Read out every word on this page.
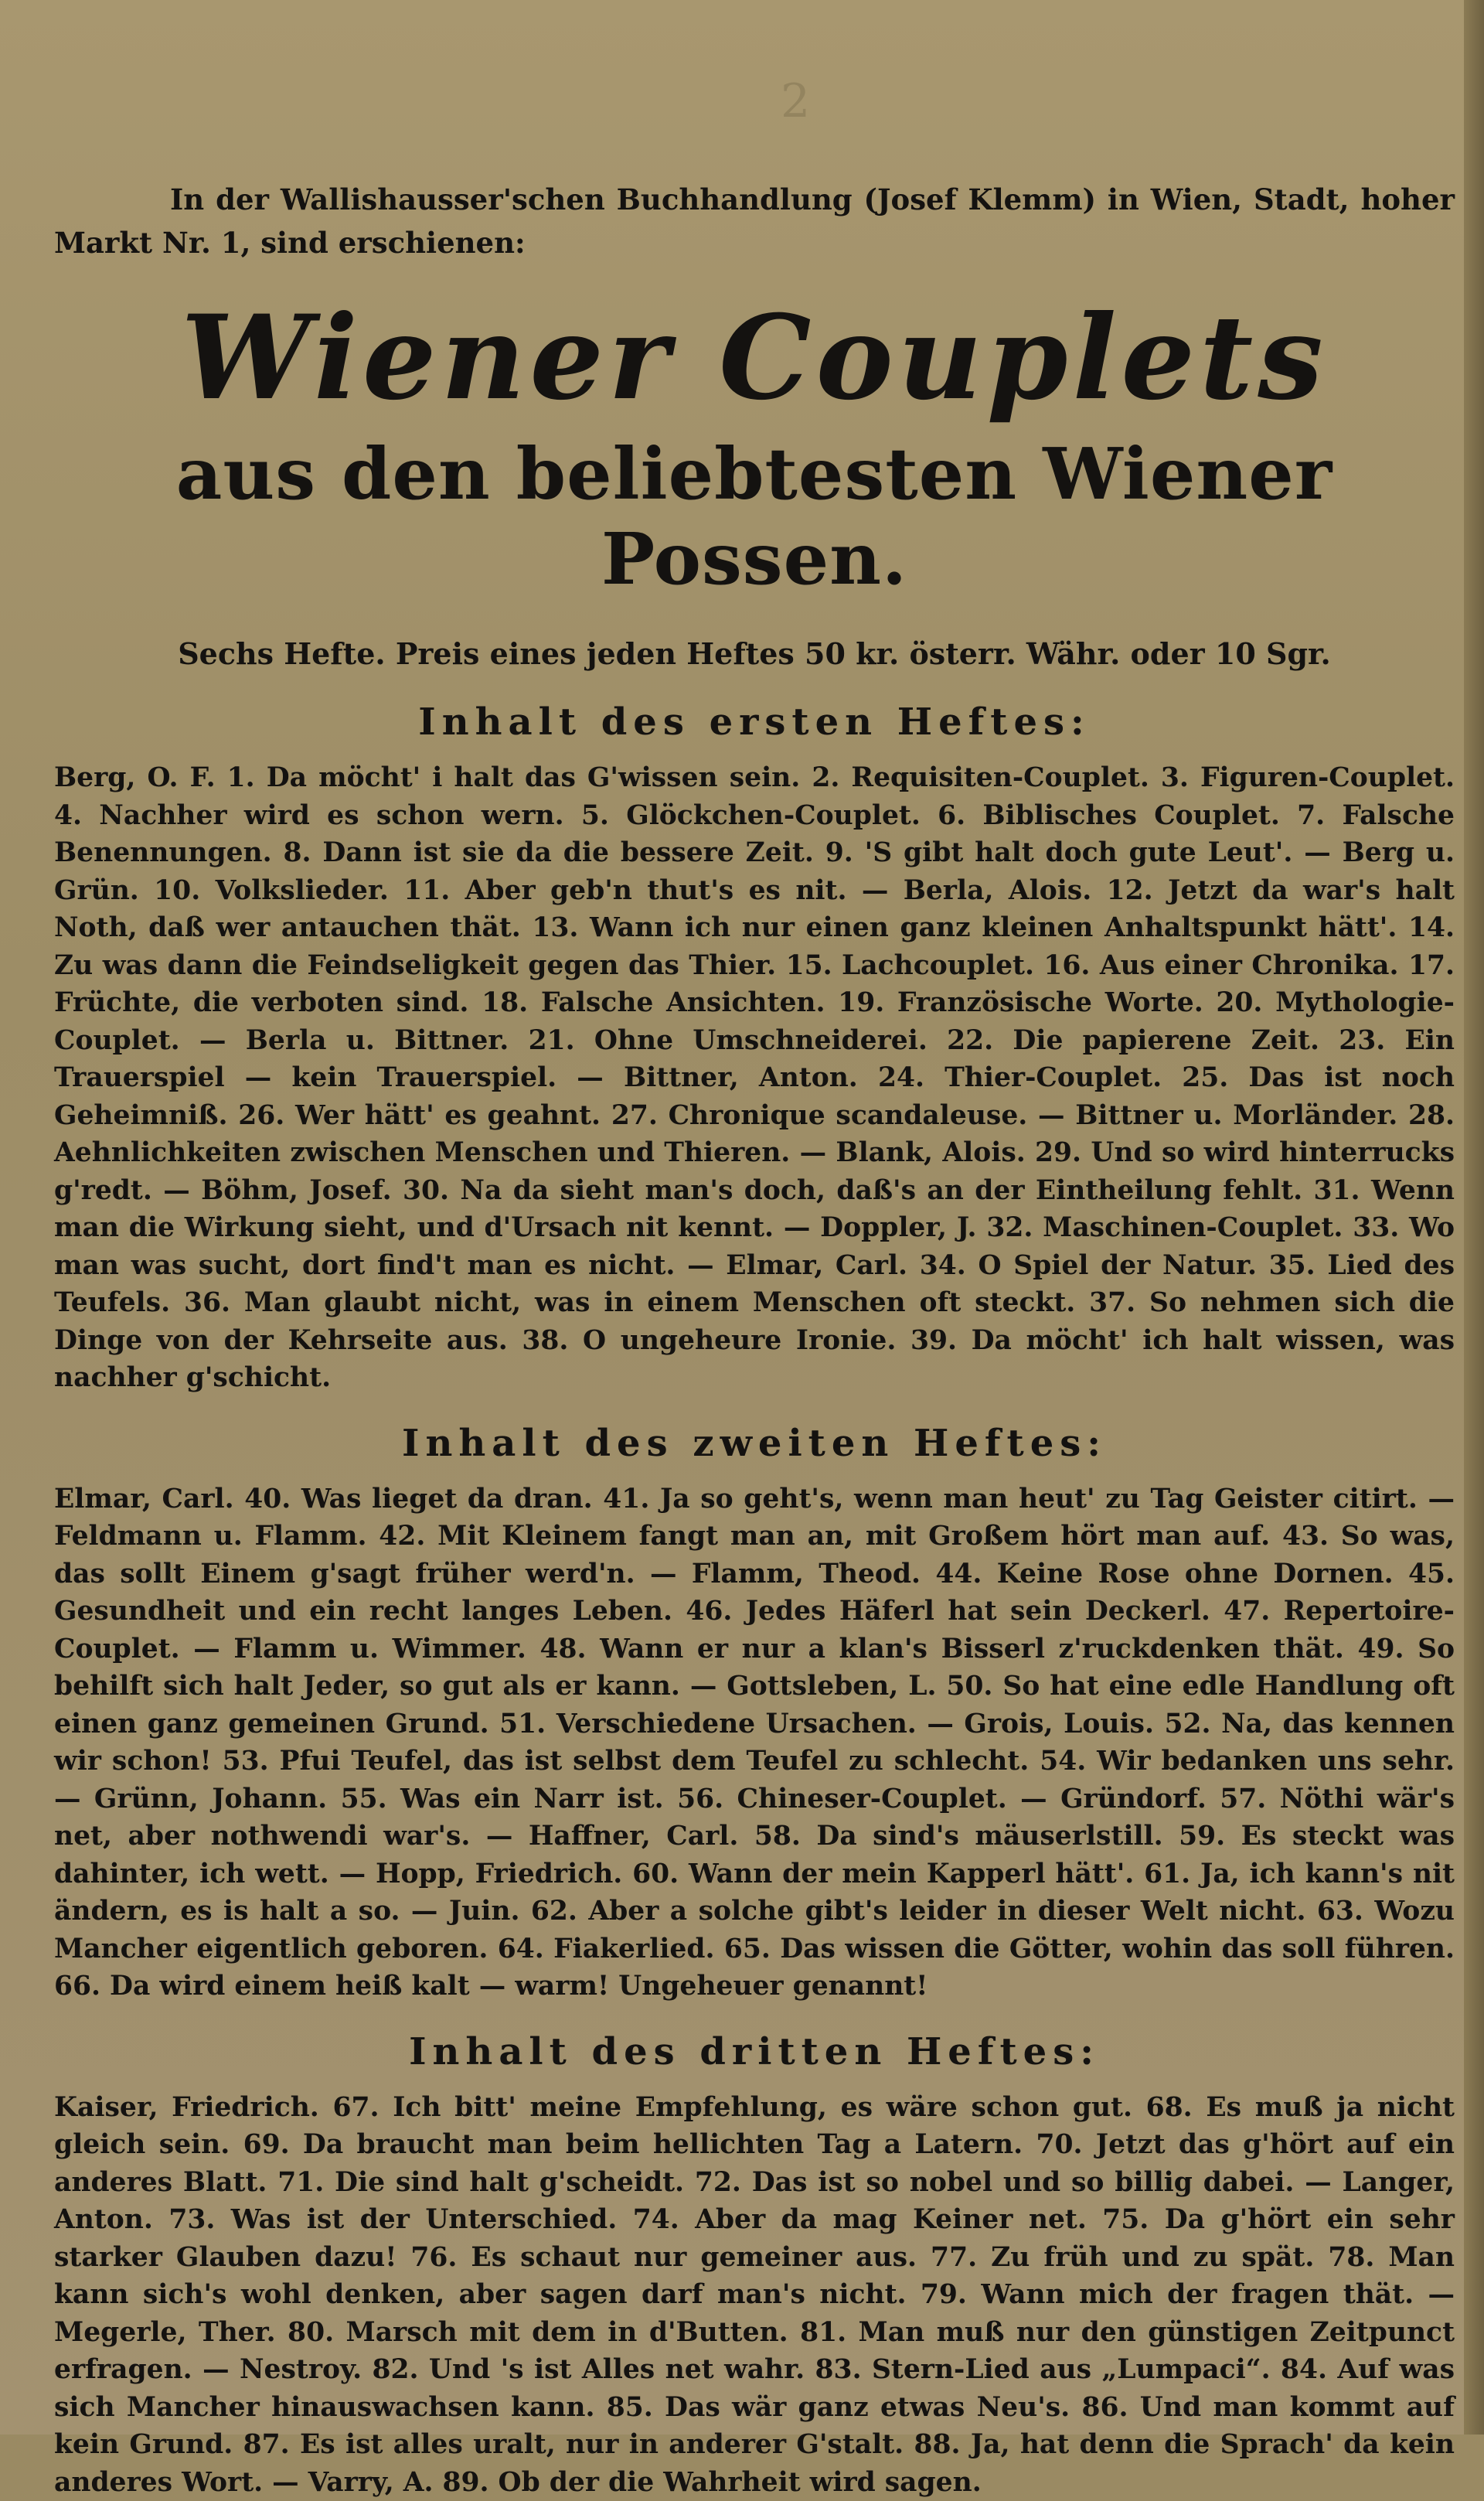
2

In der Wallishausser'schen Buchhandlung (Josef Klemm) in Wien, Stadt, hoher Markt Nr. 1, sind erschienen:

Wiener Couplets
aus den beliebtesten Wiener Possen.
Sechs Hefte. Preis eines jeden Heftes 50 kr. österr. Währ. oder 10 Sgr.
Inhalt des ersten Heftes:

Berg, O. F. 1. Da möcht' i halt das G'wissen sein. 2. Requisiten-Couplet. 3. Figuren-Couplet. 4. Nachher wird es schon wern. 5. Glöckchen-Couplet. 6. Biblisches Couplet. 7. Falsche Benennungen. 8. Dann ist sie da die bessere Zeit. 9. 'S gibt halt doch gute Leut'. — Berg u. Grün. 10. Volkslieder. 11. Aber geb'n thut's es nit. — Berla, Alois. 12. Jetzt da war's halt Noth, daß wer antauchen thät. 13. Wann ich nur einen ganz kleinen Anhaltspunkt hätt'. 14. Zu was dann die Feindseligkeit gegen das Thier. 15. Lachcouplet. 16. Aus einer Chronika. 17. Früchte, die verboten sind. 18. Falsche Ansichten. 19. Französische Worte. 20. Mythologie-Couplet. — Berla u. Bittner. 21. Ohne Umschneiderei. 22. Die papierene Zeit. 23. Ein Trauerspiel — kein Trauerspiel. — Bittner, Anton. 24. Thier-Couplet. 25. Das ist noch Geheimniß. 26. Wer hätt' es geahnt. 27. Chronique scandaleuse. — Bittner u. Morländer. 28. Aehnlichkeiten zwischen Menschen und Thieren. — Blank, Alois. 29. Und so wird hinterrucks g'redt. — Böhm, Josef. 30. Na da sieht man's doch, daß's an der Eintheilung fehlt. 31. Wenn man die Wirkung sieht, und d'Ursach nit kennt. — Doppler, J. 32. Maschinen-Couplet. 33. Wo man was sucht, dort find't man es nicht. — Elmar, Carl. 34. O Spiel der Natur. 35. Lied des Teufels. 36. Man glaubt nicht, was in einem Menschen oft steckt. 37. So nehmen sich die Dinge von der Kehrseite aus. 38. O ungeheure Ironie. 39. Da möcht' ich halt wissen, was nachher g'schicht.

Inhalt des zweiten Heftes:

Elmar, Carl. 40. Was lieget da dran. 41. Ja so geht's, wenn man heut' zu Tag Geister citirt. — Feldmann u. Flamm. 42. Mit Kleinem fangt man an, mit Großem hört man auf. 43. So was, das sollt Einem g'sagt früher werd'n. — Flamm, Theod. 44. Keine Rose ohne Dornen. 45. Gesundheit und ein recht langes Leben. 46. Jedes Häferl hat sein Deckerl. 47. Repertoire-Couplet. — Flamm u. Wimmer. 48. Wann er nur a klan's Bisserl z'ruckdenken thät. 49. So behilft sich halt Jeder, so gut als er kann. — Gottsleben, L. 50. So hat eine edle Handlung oft einen ganz gemeinen Grund. 51. Verschiedene Ursachen. — Grois, Louis. 52. Na, das kennen wir schon! 53. Pfui Teufel, das ist selbst dem Teufel zu schlecht. 54. Wir bedanken uns sehr. — Grünn, Johann. 55. Was ein Narr ist. 56. Chineser-Couplet. — Gründorf. 57. Nöthi wär's net, aber nothwendi war's. — Haffner, Carl. 58. Da sind's mäuserlstill. 59. Es steckt was dahinter, ich wett. — Hopp, Friedrich. 60. Wann der mein Kapperl hätt'. 61. Ja, ich kann's nit ändern, es is halt a so. — Juin. 62. Aber a solche gibt's leider in dieser Welt nicht. 63. Wozu Mancher eigentlich geboren. 64. Fiakerlied. 65. Das wissen die Götter, wohin das soll führen. 66. Da wird einem heiß kalt — warm! Ungeheuer genannt!

Inhalt des dritten Heftes:

Kaiser, Friedrich. 67. Ich bitt' meine Empfehlung, es wäre schon gut. 68. Es muß ja nicht gleich sein. 69. Da braucht man beim hellichten Tag a Latern. 70. Jetzt das g'hört auf ein anderes Blatt. 71. Die sind halt g'scheidt. 72. Das ist so nobel und so billig dabei. — Langer, Anton. 73. Was ist der Unterschied. 74. Aber da mag Keiner net. 75. Da g'hört ein sehr starker Glauben dazu! 76. Es schaut nur gemeiner aus. 77. Zu früh und zu spät. 78. Man kann sich's wohl denken, aber sagen darf man's nicht. 79. Wann mich der fragen thät. — Megerle, Ther. 80. Marsch mit dem in d'Butten. 81. Man muß nur den günstigen Zeitpunct erfragen. — Nestroy. 82. Und 's ist Alles net wahr. 83. Stern-Lied aus „Lumpaci“. 84. Auf was sich Mancher hinauswachsen kann. 85. Das wär ganz etwas Neu's. 86. Und man kommt auf kein Grund. 87. Es ist alles uralt, nur in anderer G'stalt. 88. Ja, hat denn die Sprach' da kein anderes Wort. — Varry, A. 89. Ob der die Wahrheit wird sagen.
